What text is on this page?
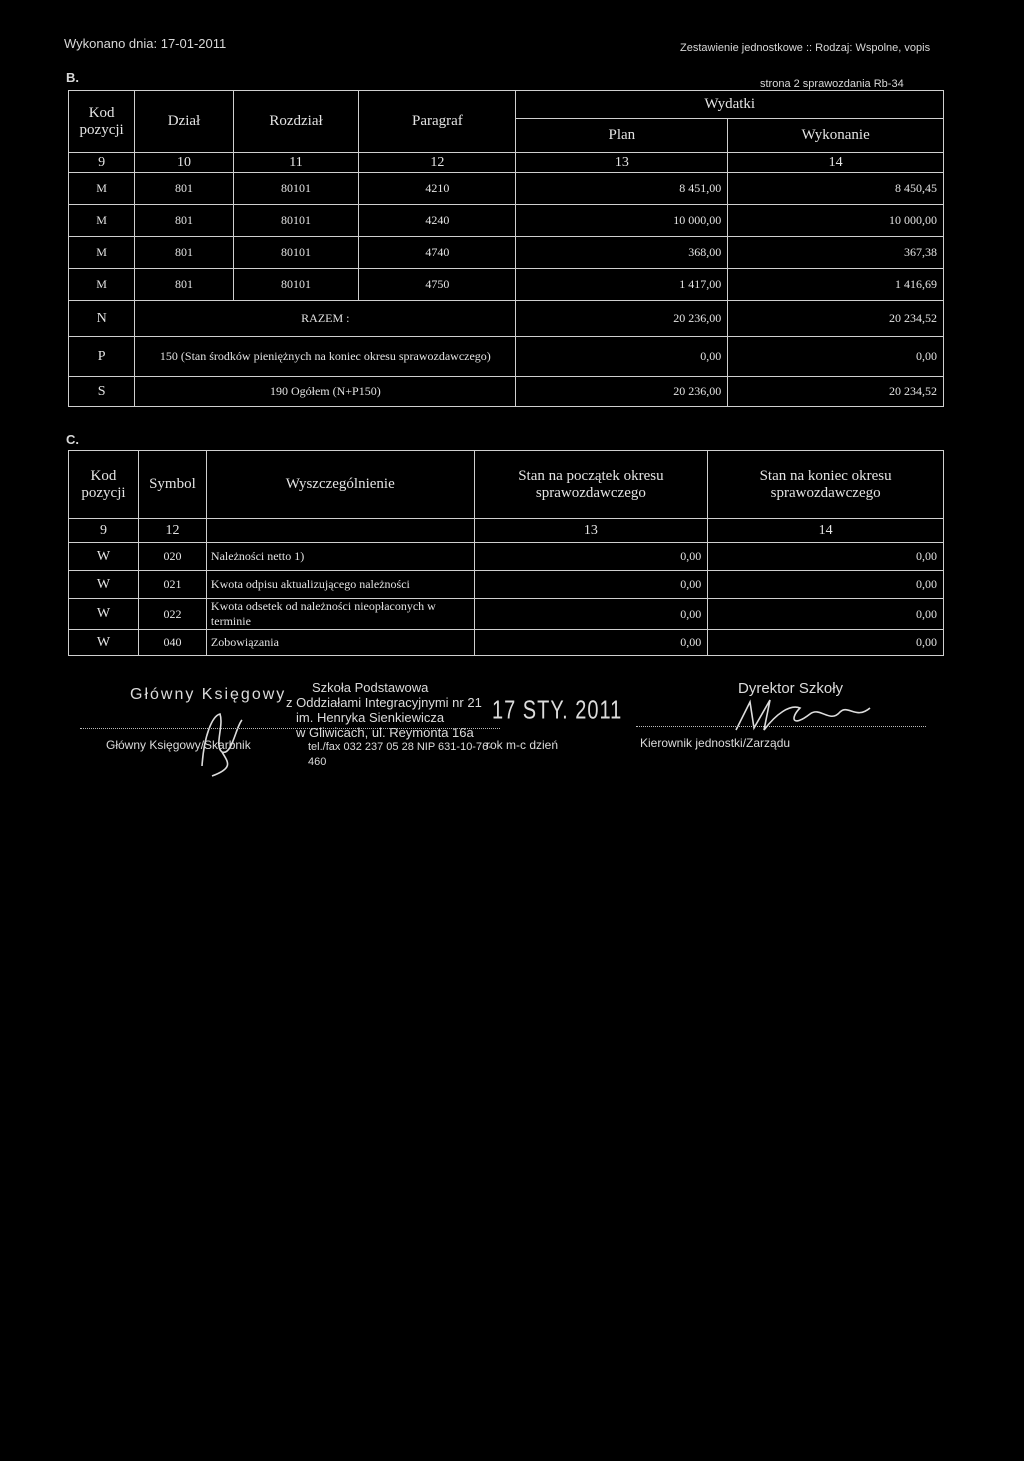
Wykonano dnia: 17-01-2011	Zestawienie jednostkowe :: Rodzaj: Wspolne, vopis
B.	strona 2 sprawozdania Rb-34
Kod pozycji	Dział	Rozdział	Paragraf	Wydatki	
				Plan	Wykonanie
9	10	11	12	13	14
M	801	80101	4210	8 451,00	8 450,45
M	801	80101	4240	10 000,00	10 000,00
M	801	80101	4740	368,00	367,38
M	801	80101	4750	1 417,00	1 416,69
N	RAZEM :			20 236,00	20 234,52
P	150 (Stan środków pieniężnych na koniec okresu sprawozdawczego)			0,00	0,00
S	190 Ogółem (N+P150)			20 236,00	20 234,52
C.
Kod pozycji	Symbol	Wyszczególnienie	Stan na początek okresu sprawozdawczego	Stan na koniec okresu sprawozdawczego
9	12		13	14
W	020	Należności netto 1)	0,00	0,00
W	021	Kwota odpisu aktualizującego należności	0,00	0,00
W	022	Kwota odsetek od należności nieopłaconych w terminie	0,00	0,00
W	040	Zobowiązania	0,00	0,00
Główny Księgowy	Szkoła Podstawowa
z Oddziałami Integracyjnymi nr 21
im. Henryka Sienkiewicza
w Gliwicach, ul. Reymonta 16a
tel./fax 032 237 05 28 NIP 631-10-76-460
17 STY. 2011
Dyrektor Szkoły
Główny Księgowy/Skarbnik	rok m-c dzień	Kierownik jednostki/Zarządu
